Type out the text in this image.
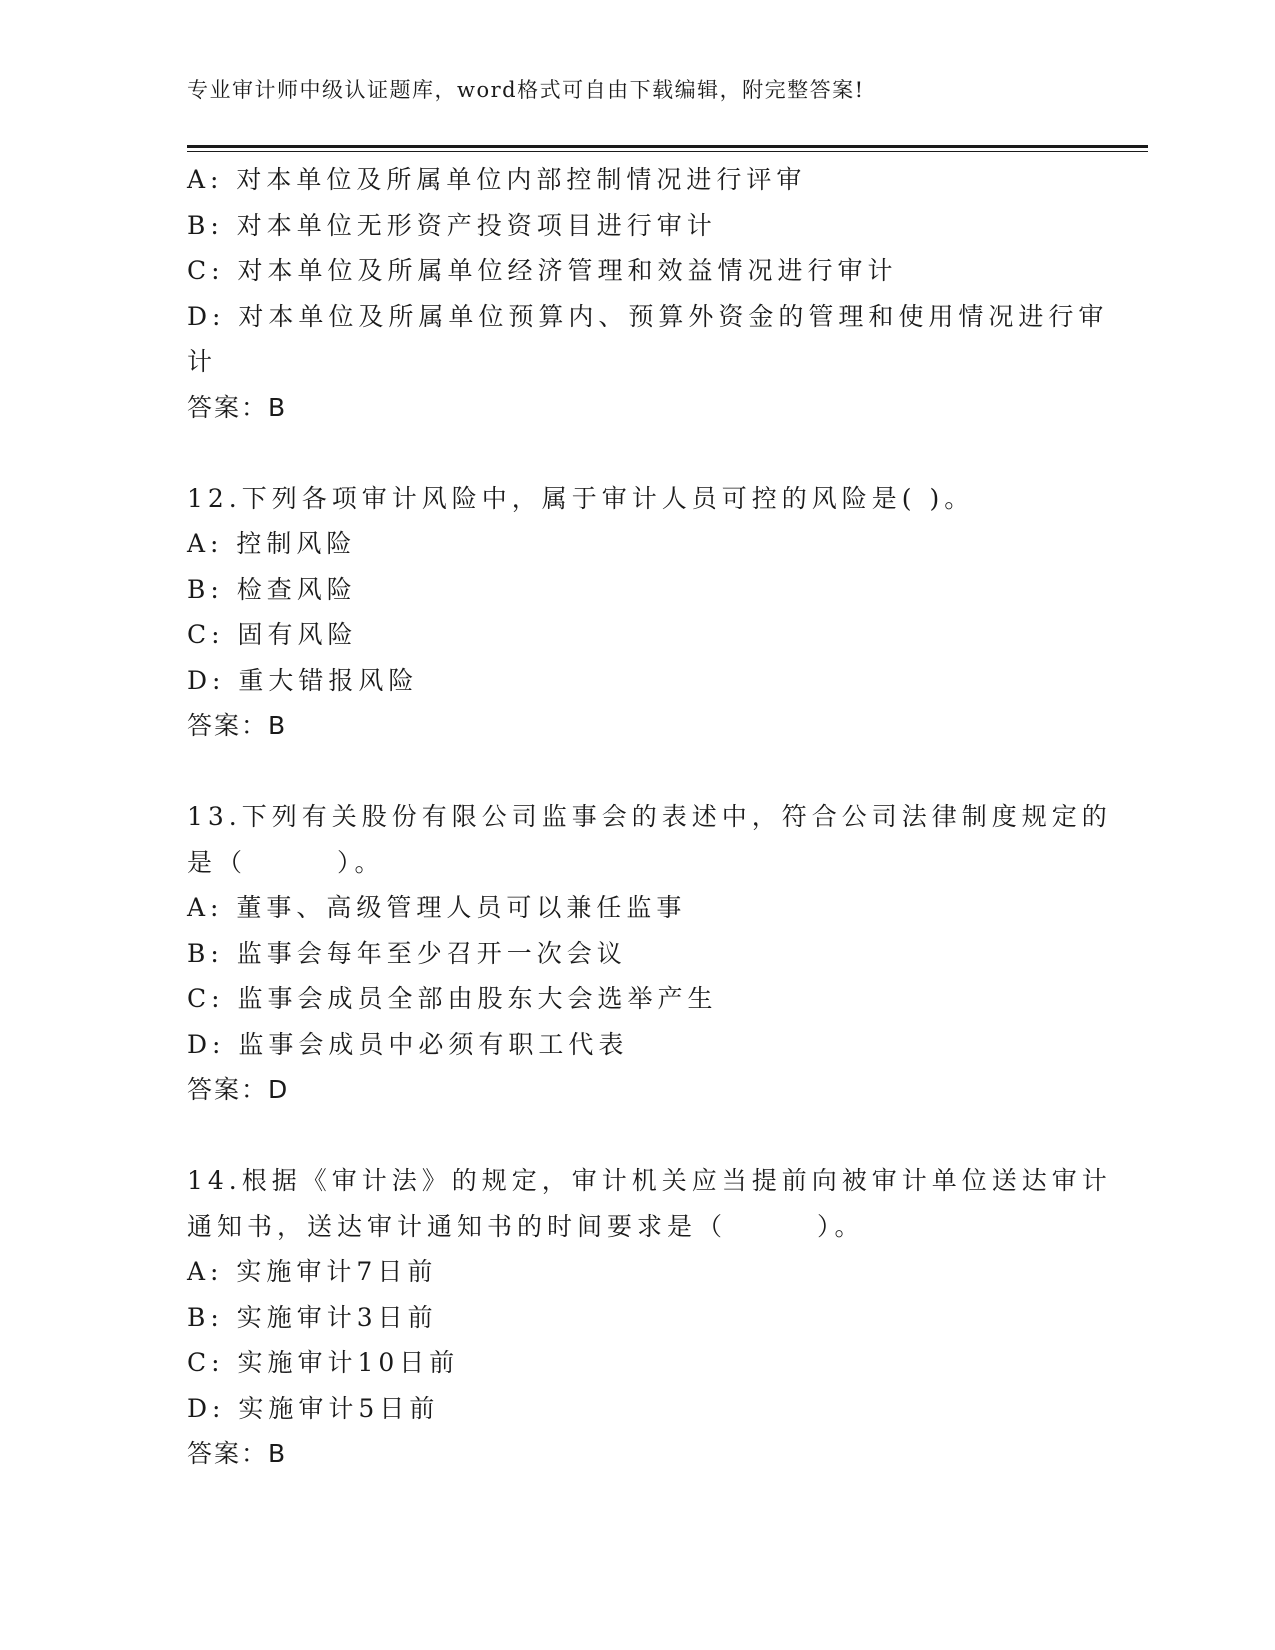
专业审计师中级认证题库，word格式可自由下载编辑，附完整答案!
A: 对本单位及所属单位内部控制情况进行评审
B: 对本单位无形资产投资项目进行审计
C: 对本单位及所属单位经济管理和效益情况进行审计
D: 对本单位及所属单位预算内、预算外资金的管理和使用情况进行审
计
答案：B
12.下列各项审计风险中，属于审计人员可控的风险是( )。
A: 控制风险
B: 检查风险
C: 固有风险
D: 重大错报风险
答案：B
13.下列有关股份有限公司监事会的表述中，符合公司法律制度规定的
是（　　　）。
A: 董事、高级管理人员可以兼任监事
B: 监事会每年至少召开一次会议
C: 监事会成员全部由股东大会选举产生
D: 监事会成员中必须有职工代表
答案：D
14.根据《审计法》的规定，审计机关应当提前向被审计单位送达审计
通知书，送达审计通知书的时间要求是（　　　）。
A: 实施审计7日前
B: 实施审计3日前
C: 实施审计10日前
D: 实施审计5日前
答案：B
